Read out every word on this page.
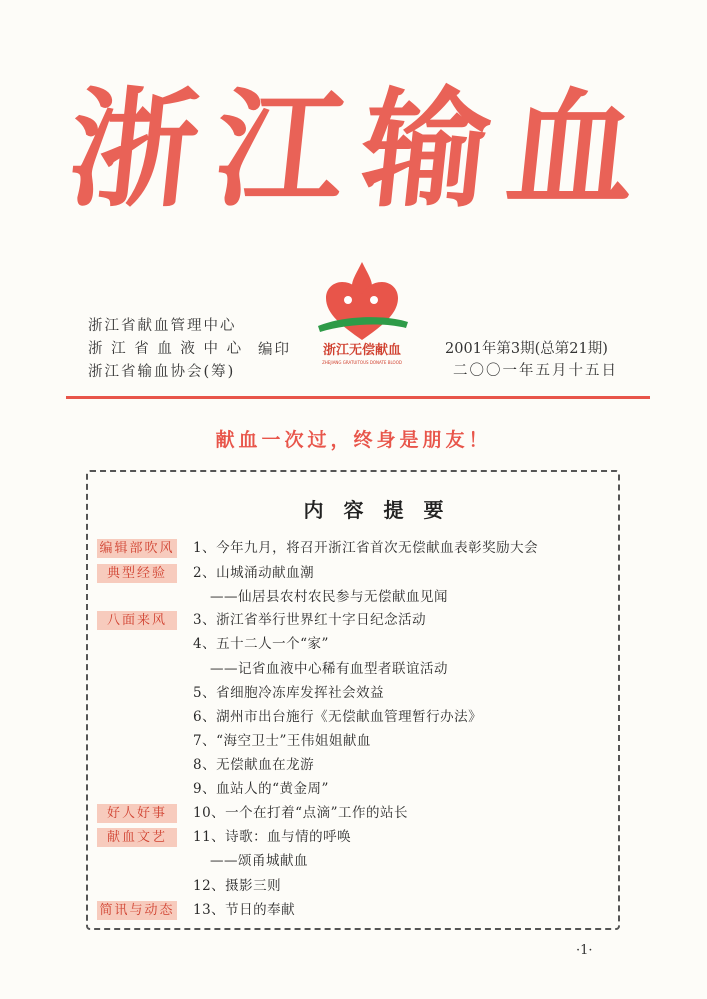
浙江输血
浙江省献血管理中心
浙 江 省 血 液 中 心
浙江省输血协会(筹)
编印 浙江无偿献血
ZHEJIANG GRATUITOUS DONATE BLOOD
2001年第3期(总第21期)
二〇〇一年五月十五日
献血一次过，终身是朋友！
内容提要
编辑部吹风
典型经验
八面来风
好人好事
献血文艺
简讯与动态
1、今年九月，将召开浙江省首次无偿献血表彰奖励大会
2、山城涌动献血潮
——仙居县农村农民参与无偿献血见闻
3、浙江省举行世界红十字日纪念活动
4、五十二人一个“家”
——记省血液中心稀有血型者联谊活动
5、省细胞冷冻库发挥社会效益
6、湖州市出台施行《无偿献血管理暂行办法》
7、“海空卫士”王伟姐姐献血
8、无偿献血在龙游
9、血站人的“黄金周”
10、一个在打着“点滴”工作的站长
11、诗歌：血与情的呼唤
——颂甬城献血
12、摄影三则
13、节日的奉献
·1·
